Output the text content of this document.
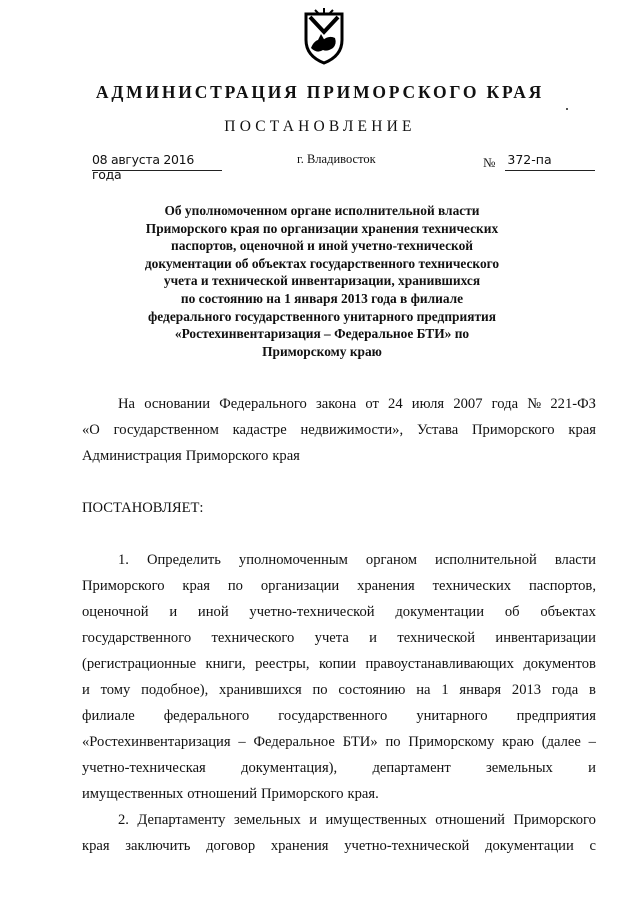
АДМИНИСТРАЦИЯ ПРИМОРСКОГО КРАЯ
ПОСТАНОВЛЕНИЕ
08 августа 2016 года
г. Владивосток	№ 372-па
Об уполномоченном органе исполнительной власти
Приморского края по организации хранения технических
паспортов, оценочной и иной учетно-технической
документации об объектах государственного технического
учета и технической инвентаризации, хранившихся
по состоянию на 1 января 2013 года в филиале
федерального государственного унитарного предприятия
«Ростехинвентаризация – Федеральное БТИ» по
Приморскому краю
На основании Федерального закона от 24 июля 2007 года № 221-ФЗ
«О государственном кадастре недвижимости», Устава Приморского края
Администрация Приморского края
ПОСТАНОВЛЯЕТ:
1. Определить уполномоченным органом исполнительной власти
Приморского края по организации хранения технических паспортов,
оценочной и иной учетно-технической документации об объектах
государственного технического учета и технической инвентаризации
(регистрационные книги, реестры, копии правоустанавливающих документов
и тому подобное), хранившихся по состоянию на 1 января 2013 года в
филиале федерального государственного унитарного предприятия
«Ростехинвентаризация – Федеральное БТИ» по Приморскому краю (далее –
учетно-техническая документация), департамент земельных и
имущественных отношений Приморского края.
2. Департаменту земельных и имущественных отношений Приморского
края заключить договор хранения учетно-технической документации с
